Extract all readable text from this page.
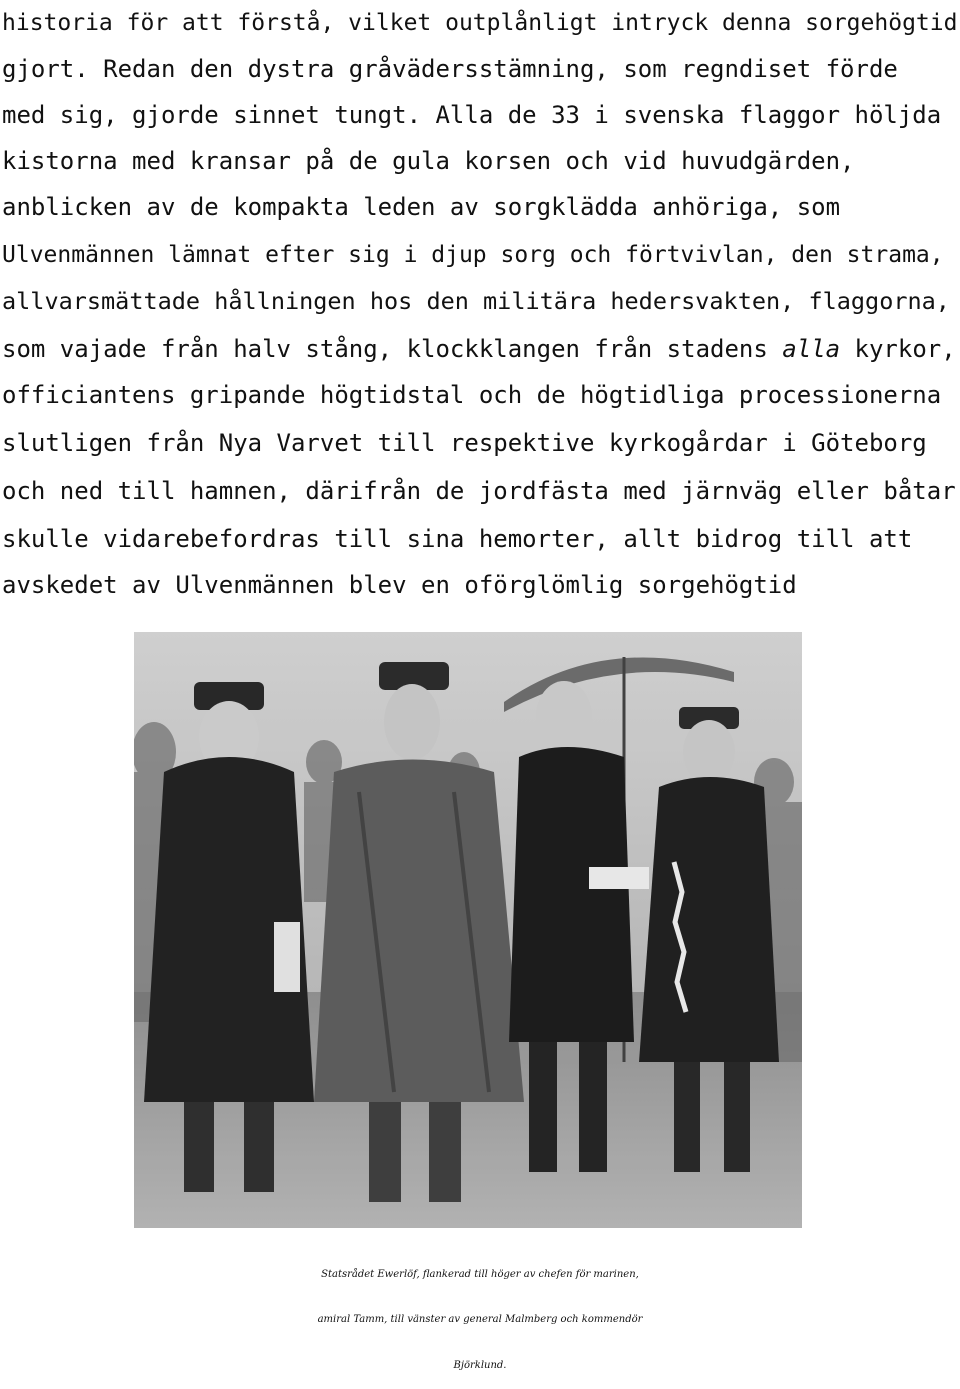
historia för att förstå, vilket outplånligt intryck denna sorgehögtid
gjort. Redan den dystra gråvädersstämning, som regndiset förde
med sig, gjorde sinnet tungt. Alla de 33 i svenska flaggor höljda
kistorna med kransar på de gula korsen och vid huvudgärden,
anblicken av de kompakta leden av sorgklädda anhöriga, som
Ulvenmännen lämnat efter sig i djup sorg och förtvivlan, den strama,
allvarsmättade hållningen hos den militära hedersvakten, flaggorna,
som vajade från halv stång, klockklangen från stadens alla kyrkor,
officiantens gripande högtidstal och de högtidliga processionerna
slutligen från Nya Varvet till respektive kyrkogårdar i Göteborg
och ned till hamnen, därifrån de jordfästa med järnväg eller båtar
skulle vidarebefordras till sina hemorter, allt bidrog till att
avskedet av Ulvenmännen blev en oförglömlig sorgehögtid
Statsrådet Ewerlöf, flankerad till höger av chefen för marinen,
amiral Tamm, till vänster av general Malmberg och kommendör
Björklund.
